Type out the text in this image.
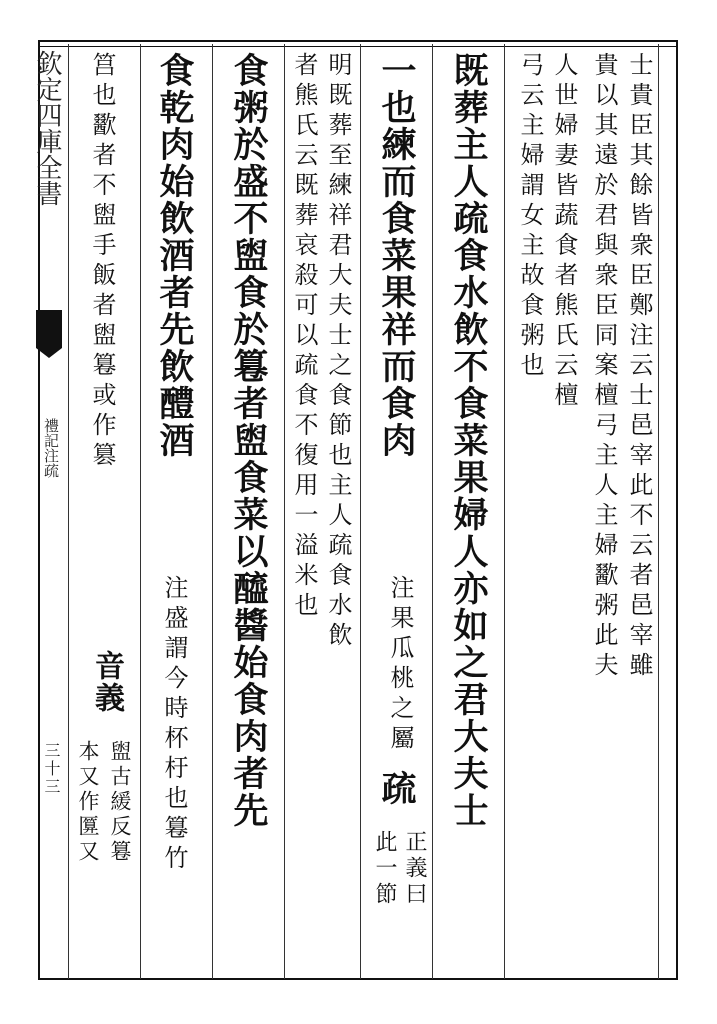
欽定四庫全書
禮記注疏
三十三
士貴臣其餘皆衆臣鄭注云士邑宰此不云者邑宰雖
貴以其遠於君與衆臣同案檀弓主人主婦歠粥此夫
人世婦妻皆蔬食者熊氏云檀
弓云主婦謂女主故食粥也
既葬主人疏食水飲不食菜果婦人亦如之君大夫士
一也練而食菜果祥而食肉
注果瓜桃之屬
疏
正義曰
此一節
明既葬至練祥君大夫士之食節也主人疏食水飲
者熊氏云既葬哀殺可以疏食不復用一溢米也
食粥於盛不盥食於篹者盥食菜以醯醬始食肉者先
食乾肉始飲酒者先飲醴酒
注盛謂今時杯杅也篹竹
筥也歠者不盥手飯者盥篹或作篡
音義
盥古緩反篹
本又作匴又
